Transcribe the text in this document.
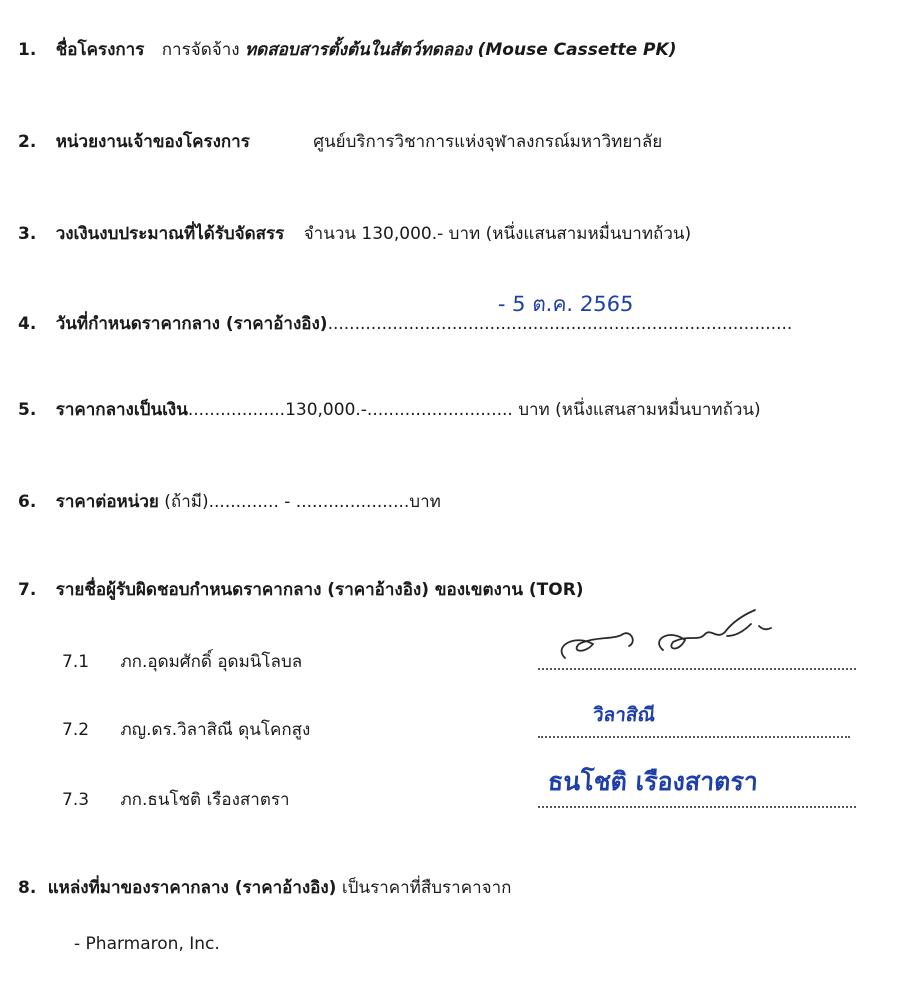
1. ชื่อโครงการ การจัดจ้าง ทดสอบสารตั้งต้นในสัตว์ทดลอง (Mouse Cassette PK)
2. หน่วยงานเจ้าของโครงการ	ศูนย์บริการวิชาการแห่งจุฬาลงกรณ์มหาวิทยาลัย
3. วงเงินงบประมาณที่ได้รับจัดสรร จำนวน 130,000.- บาท (หนึ่งแสนสามหมื่นบาทถ้วน)
4. วันที่กำหนดราคากลาง (ราคาอ้างอิง)......................................................................................
- 5 ต.ค. 2565
5. ราคากลางเป็นเงิน..................130,000.-........................... บาท (หนึ่งแสนสามหมื่นบาทถ้วน)
6. ราคาต่อหน่วย (ถ้ามี)............. - .....................บาท
7. รายชื่อผู้รับผิดชอบกำหนดราคากลาง (ราคาอ้างอิง) ของเขตงาน (TOR)
7.1 ภก.อุดมศักดิ์ อุดมนิโลบล
7.2 ภญ.ดร.วิลาสิณี ดุนโคกสูง
วิลาสิณี
7.3 ภก.ธนโชติ เรืองสาตรา
ธนโชติ เรืองสาตรา
8. แหล่งที่มาของราคากลาง (ราคาอ้างอิง) เป็นราคาที่สืบราคาจาก
- Pharmaron, Inc.
